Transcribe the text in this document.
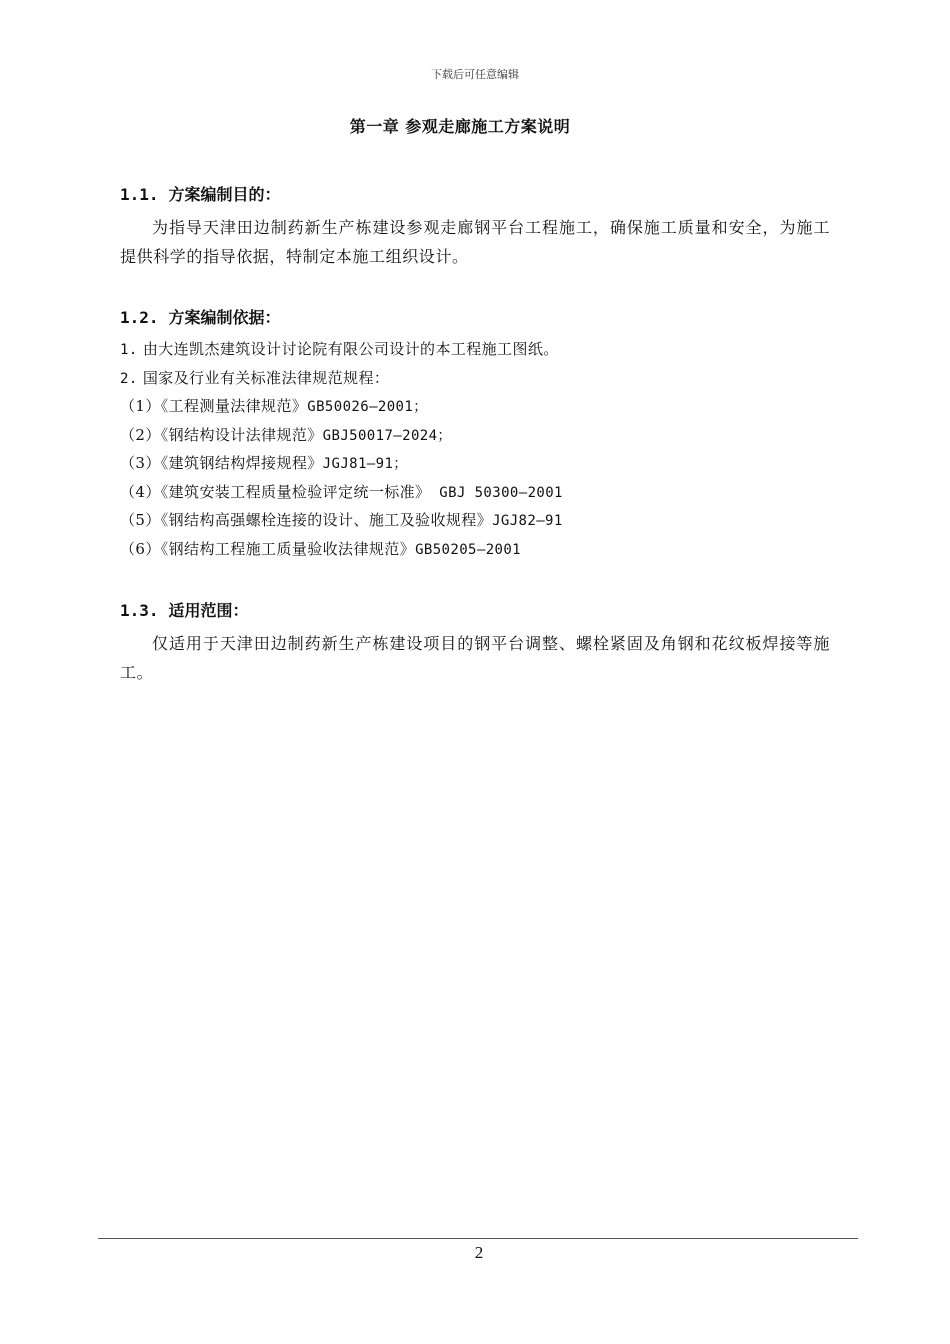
下载后可任意编辑
第一章 参观走廊施工方案说明
1.1. 方案编制目的：

为指导天津田边制药新生产栋建设参观走廊钢平台工程施工，确保施工质量和安全，为施工提供科学的指导依据，特制定本施工组织设计。

1.2. 方案编制依据：
1. 由大连凯杰建筑设计讨论院有限公司设计的本工程施工图纸。
2. 国家及行业有关标准法律规范规程：
（1）《工程测量法律规范》GB50026—2001；
（2）《钢结构设计法律规范》GBJ50017—2024；
（3）《建筑钢结构焊接规程》JGJ81—91；
（4）《建筑安装工程质量检验评定统一标准》 GBJ 50300—2001
（5）《钢结构高强螺栓连接的设计、施工及验收规程》JGJ82—91
（6）《钢结构工程施工质量验收法律规范》GB50205—2001
1.3. 适用范围：

仅适用于天津田边制药新生产栋建设项目的钢平台调整、螺栓紧固及角钢和花纹板焊接等施工。

2
